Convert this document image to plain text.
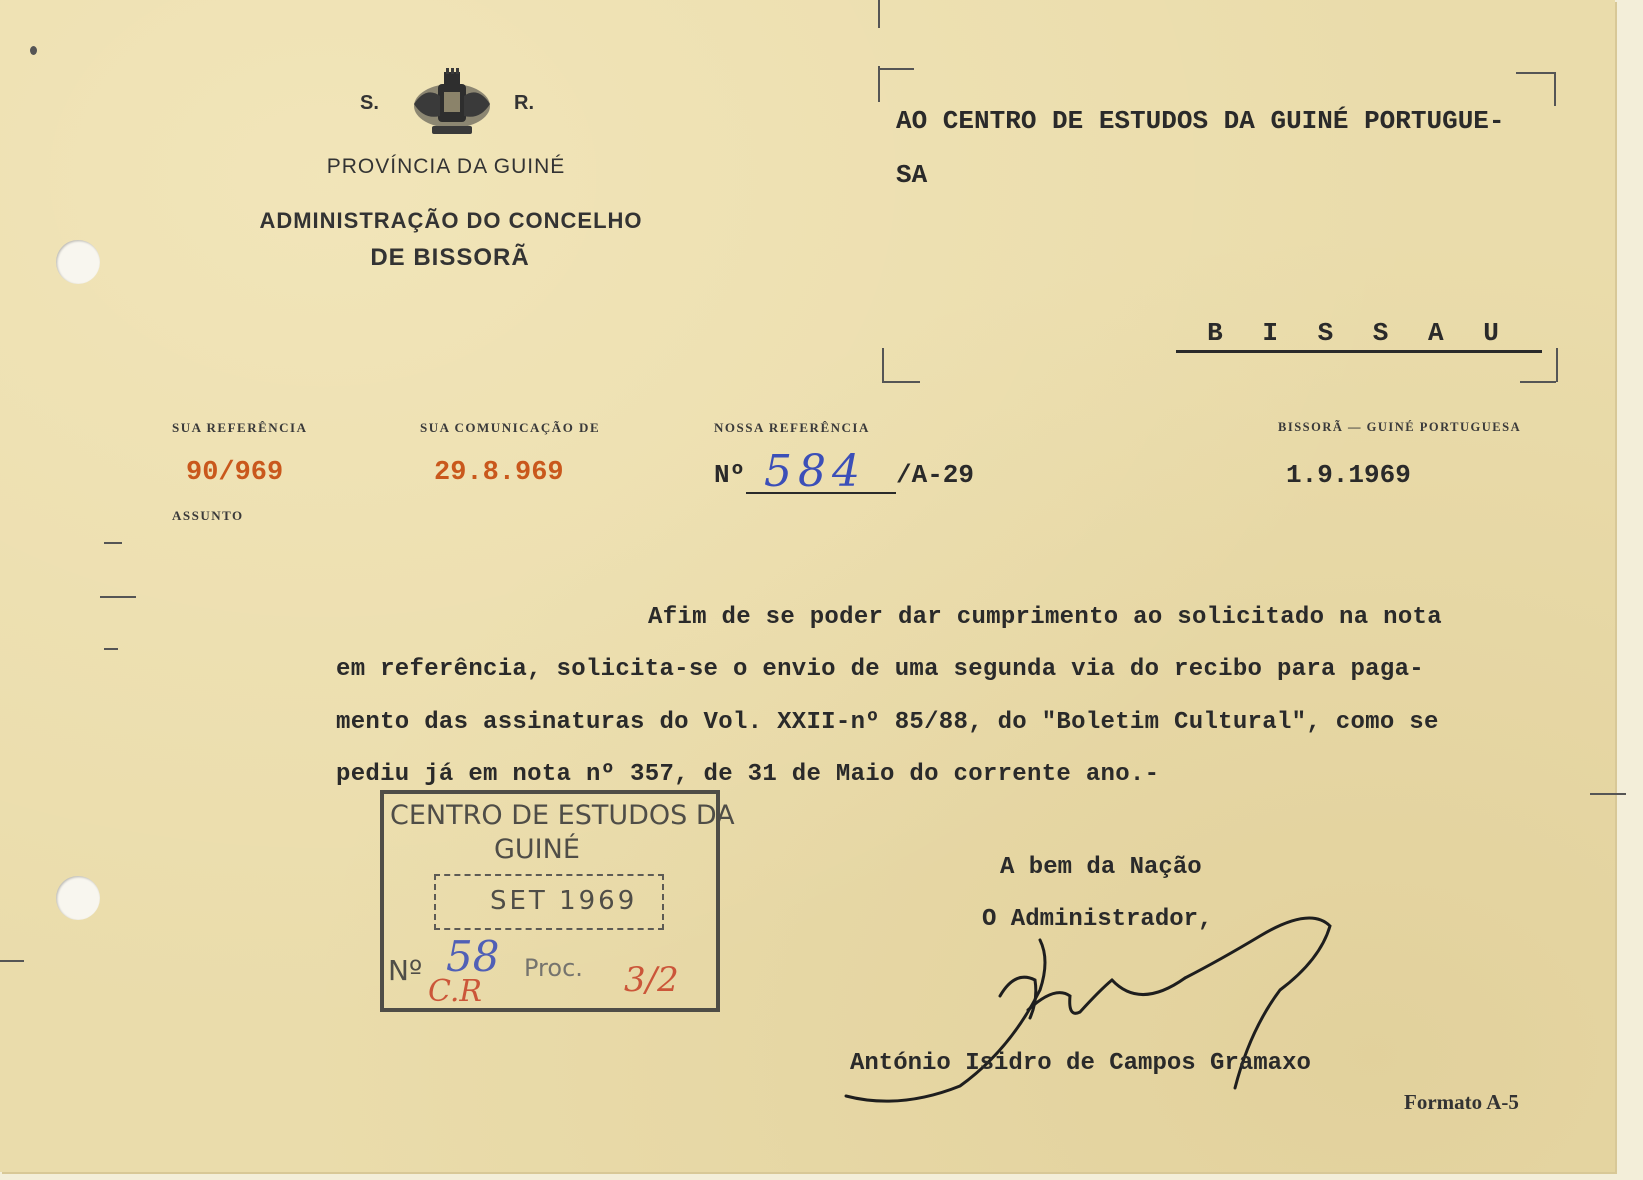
S.	R.
PROVÍNCIA DA GUINÉ
ADMINISTRAÇÃO DO CONCELHO
DE BISSORÃ
AO CENTRO DE ESTUDOS DA GUINÉ PORTUGUE-
SA
B I S S A U
SUA REFERÊNCIA
90/969
ASSUNTO
SUA COMUNICAÇÃO DE
29.8.969
NOSSA REFERÊNCIA
Nº 584 /A-29
BISSORÃ — GUINÉ PORTUGUESA
1.9.1969
Afim de se poder dar cumprimento ao solicitado na nota
em referência, solicita-se o envio de uma segunda via do recibo para paga-
mento das assinaturas do Vol. XXII-nº 85/88, do "Boletim Cultural", como se
pediu já em nota nº 357, de 31 de Maio do corrente ano.-
CENTRO DE ESTUDOS DA
GUINÉ
SET 1969
Nº 58 Proc.
C.R	3/2
A bem da Nação
O Administrador,
António Isidro de Campos Gramaxo
Formato A-5
